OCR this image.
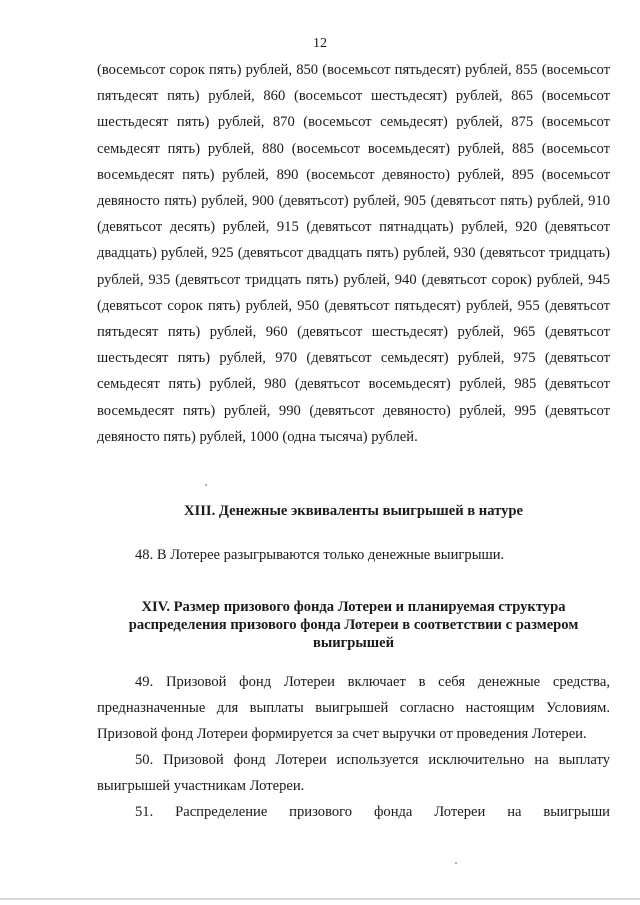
12
(восемьсот сорок пять) рублей, 850 (восемьсот пятьдесят) рублей, 855 (восемьсот пятьдесят пять) рублей, 860 (восемьсот шестьдесят) рублей, 865 (восемьсот шестьдесят пять) рублей, 870 (восемьсот семьдесят) рублей, 875 (восемьсот семьдесят пять) рублей, 880 (восемьсот восемьдесят) рублей, 885 (восемьсот восемьдесят пять) рублей, 890 (восемьсот девяносто) рублей, 895 (восемьсот девяносто пять) рублей, 900 (девятьсот) рублей, 905 (девятьсот пять) рублей, 910 (девятьсот десять) рублей, 915 (девятьсот пятнадцать) рублей, 920 (девятьсот двадцать) рублей, 925 (девятьсот двадцать пять) рублей, 930 (девятьсот тридцать) рублей, 935 (девятьсот тридцать пять) рублей, 940 (девятьсот сорок) рублей, 945 (девятьсот сорок пять) рублей, 950 (девятьсот пятьдесят) рублей, 955 (девятьсот пятьдесят пять) рублей, 960 (девятьсот шестьдесят) рублей, 965 (девятьсот шестьдесят пять) рублей, 970 (девятьсот семьдесят) рублей, 975 (девятьсот семьдесят пять) рублей, 980 (девятьсот восемьдесят) рублей, 985 (девятьсот восемьдесят пять) рублей, 990 (девятьсот девяносто) рублей, 995 (девятьсот девяносто пять) рублей, 1000 (одна тысяча) рублей.
XIII. Денежные эквиваленты выигрышей в натуре
48. В Лотерее разыгрываются только денежные выигрыши.
XIV. Размер призового фонда Лотереи и планируемая структура распределения призового фонда Лотереи в соответствии с размером выигрышей
49. Призовой фонд Лотереи включает в себя денежные средства, предназначенные для выплаты выигрышей согласно настоящим Условиям. Призовой фонд Лотереи формируется за счет выручки от проведения Лотереи.
50. Призовой фонд Лотереи используется исключительно на выплату выигрышей участникам Лотереи.
51. Распределение призового фонда Лотереи на выигрыши
